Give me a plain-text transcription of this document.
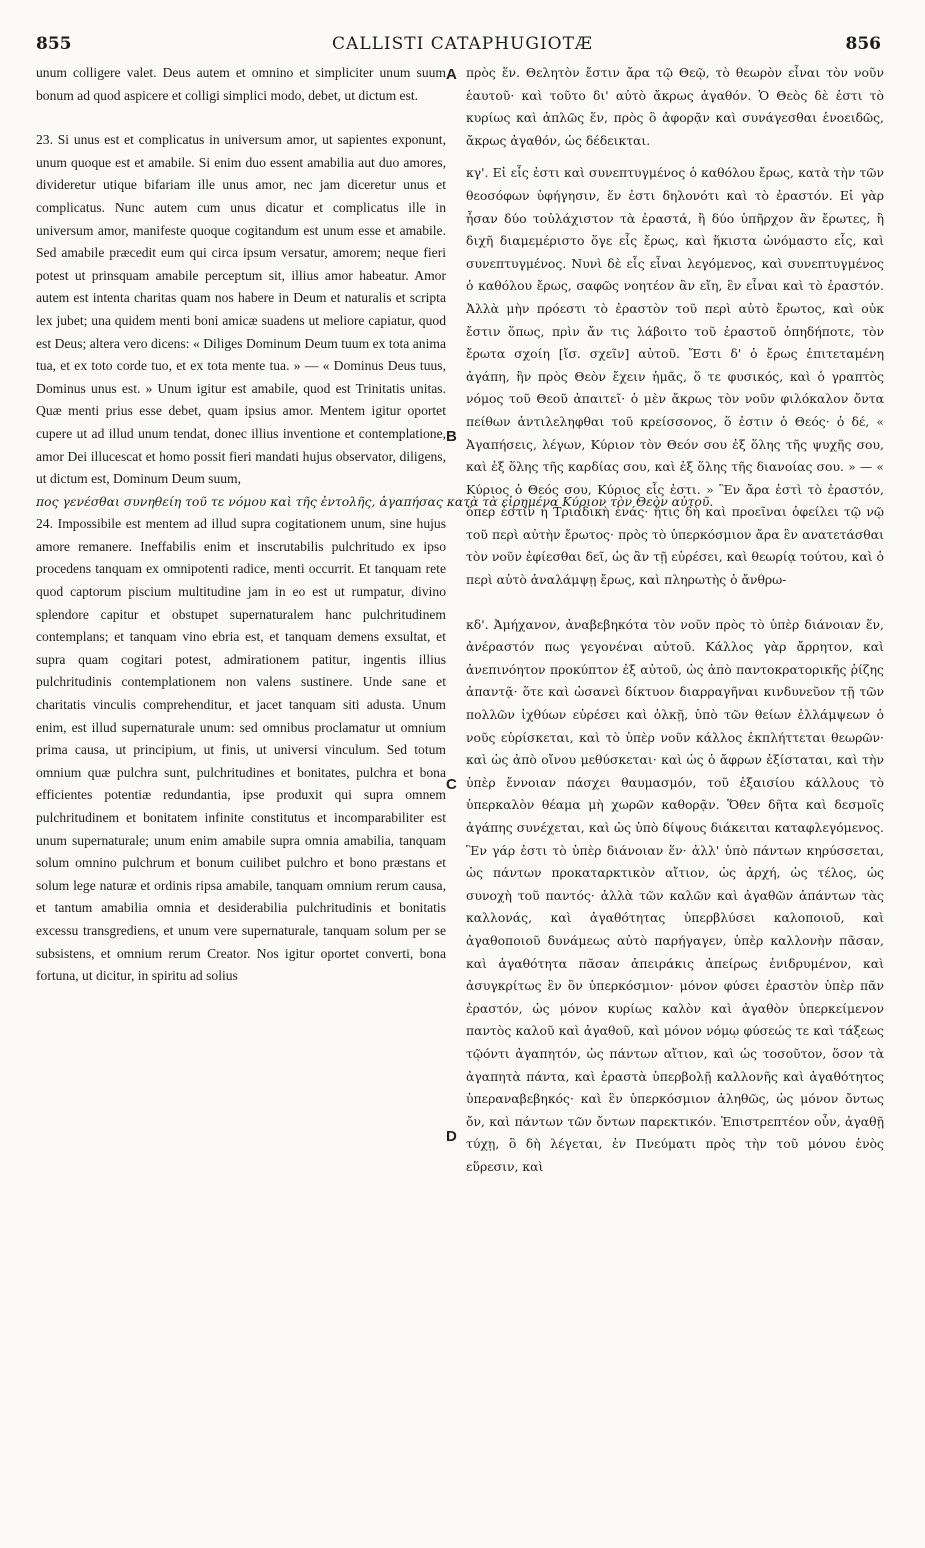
855	CALLISTI CATAPHUGIOTÆ	856

unum colligere valet. Deus autem et omnino et simpliciter unum suum bonum ad quod aspicere et colligi simplici modo, debet, ut dictum est.

23. Si unus est et complicatus in universum amor, ut sapientes exponunt, unum quoque est et amabile. Si enim duo essent amabilia aut duo amores, divideretur utique bifariam ille unus amor, nec jam diceretur unus et complicatus. Nunc autem cum unus dicatur et complicatus ille in universum amor, manifeste quoque cogitandum est unum esse et amabile. Sed amabile præcedit eum qui circa ipsum versatur, amorem; neque fieri potest ut prinsquam amabile perceptum sit, illius amor habeatur. Amor autem est intenta charitas quam nos habere in Deum et naturalis et scripta lex jubet; una quidem menti boni amicæ suadens ut meliore capiatur, quod est Deus; altera vero dicens: « Diliges Dominum Deum tuum ex tota anima tua, et ex toto corde tuo, et ex tota mente tua. » — « Dominus Deus tuus, Dominus unus est. » Unum igitur est amabile, quod est Trinitatis unitas. Quæ menti prius esse debet, quam ipsius amor. Mentem igitur oportet cupere ut ad illud unum tendat, donec illius inventione et contemplatione, amor Dei illucescat et homo possit fieri mandati hujus observator, diligens, ut dictum est, Dominum Deum suum,

πος γενέσθαι συνηθείη τοῦ τε νόμου καὶ τῆς ἐντολῆς, ἀγαπήσας κατὰ τὰ εἰρημένα Κύριον τὸν Θεὸν αὐτοῦ.

24. Impossibile est mentem ad illud supra cogitationem unum, sine hujus amore remanere. Ineffabilis enim et inscrutabilis pulchritudo ex ipso procedens tanquam ex omnipotenti radice, menti occurrit. Et tanquam rete quod captorum piscium multitudine jam in eo est ut rumpatur, divino splendore capitur et obstupet supernaturalem hanc pulchritudinem contemplans; et tanquam vino ebria est, et tanquam demens exsultat, et supra quam cogitari potest, admirationem patitur, ingentis illius pulchritudinis contemplationem non valens sustinere. Unde sane et charitatis vinculis comprehenditur, et jacet tanquam siti adusta. Unum enim, est illud supernaturale unum: sed omnibus proclamatur ut omnium prima causa, ut principium, ut finis, ut universi vinculum. Sed totum omnium quæ pulchra sunt, pulchritudines et bonitates, pulchra et bona efficientes potentiæ redundantia, ipse produxit qui supra omnem pulchritudinem et bonitatem infinite constitutus et incomparabiliter est unum supernaturale; unum enim amabile supra omnia amabilia, tanquam solum omnino pulchrum et bonum cuilibet pulchro et bono præstans et solum lege naturæ et ordinis ripsa amabile, tanquam omnium rerum causa, et tantum amabilia omnia et desiderabilia pulchritudinis et bonitatis excessu transgrediens, et unum vere supernaturale, tanquam solum per se subsistens, et omnium rerum Creator. Nos igitur oportet converti, bona fortuna, ut dicitur, in spiritu ad solius

πρὸς ἕν. Θελητὸν ἔστιν ἄρα τῷ Θεῷ, τὸ θεωρὸν εἶναι τὸν νοῦν ἑαυτοῦ· καὶ τοῦτο δι' αὐτὸ ἄκρως ἀγαθόν. Ὁ Θεὸς δὲ ἐστι τὸ κυρίως καὶ ἁπλῶς ἕν, πρὸς ὃ ἀφορᾷν καὶ συνάγεσθαι ἑνοειδῶς, ἄκρως ἀγαθόν, ὡς δέδεικται.

κγ'. Εἰ εἷς ἐστι καὶ συνεπτυγμένος ὁ καθόλου ἔρως, κατὰ τὴν τῶν θεοσόφων ὑφήγησιν, ἕν ἐστι δηλονότι καὶ τὸ ἐραστόν. Εἰ γὰρ ἦσαν δύο τοὐλάχιστον τὰ ἐραστά, ἢ δύο ὑπῆρχον ἂν ἔρωτες, ἢ διχῆ διαμεμέριστο ὅγε εἷς ἔρως, καὶ ἥκιστα ὠνόμαστο εἷς, καὶ συνεπτυγμένος. Νυνὶ δὲ εἷς εἶναι λεγόμενος, καὶ συνεπτυγμένος ὁ καθόλου ἔρως, σαφῶς νοητέον ἂν εἴη, ἓν εἶναι καὶ τὸ ἐραστόν. Ἀλλὰ μὴν πρόεστι τὸ ἐραστὸν τοῦ περὶ αὐτὸ ἔρωτος, καὶ οὐκ ἔστιν ὅπως, πρὶν ἄν τις λάβοιτο τοῦ ἐραστοῦ ὁπηδήποτε, τὸν ἔρωτα σχοίη [ἴσ. σχεῖν] αὐτοῦ. Ἔστι δ' ὁ ἔρως ἐπιτεταμένη ἀγάπη, ἣν πρὸς Θεὸν ἔχειν ἡμᾶς, ὅ τε φυσικός, καὶ ὁ γραπτὸς νόμος τοῦ Θεοῦ ἀπαιτεῖ· ὁ μὲν ἄκρως τὸν νοῦν φιλόκαλον ὄντα πείθων ἀντιλεληφθαι τοῦ κρείσσονος, ὅ ἐστιν ὁ Θεός· ὁ δέ, « Ἀγαπήσεις, λέγων, Κύριον τὸν Θεόν σου ἐξ ὅλης τῆς ψυχῆς σου, καὶ ἐξ ὅλης τῆς καρδίας σου, καὶ ἐξ ὅλης τῆς διανοίας σου. » — « Κύριος ὁ Θεός σου, Κύριος εἷς ἐστι. » Ἓν ἄρα ἐστὶ τὸ ἐραστόν, ὅπερ ἐστὶν ἡ Τριαδικὴ ἑνάς· ἥτις δὴ καὶ προεῖναι ὀφείλει τῷ νῷ τοῦ περὶ αὐτὴν ἔρωτος· πρὸς τὸ ὑπερκόσμιον ἄρα ἓν ανατετάσθαι τὸν νοῦν ἐφίεσθαι δεῖ, ὡς ἂν τῇ εὑρέσει, καὶ θεωρίᾳ τούτου, καὶ ὁ περὶ αὐτὸ ἀναλάμψῃ ἔρως, καὶ πληρωτὴς ὁ ἄνθρω-

κδ'. Ἀμήχανον, ἀναβεβηκότα τὸν νοῦν πρὸς τὸ ὑπὲρ διάνοιαν ἕν, ἀνέραστόν πως γεγονέναι αὐτοῦ. Κάλλος γὰρ ἄρρητον, καὶ ἀνεπινόητον προκύπτον ἐξ αὐτοῦ, ὡς ἀπὸ παντοκρατορικῆς ῥίζης ἀπαντᾷ· ὅτε καὶ ὡσανεὶ δίκτυον διαρραγῆναι κινδυνεῦον τῇ τῶν πολλῶν ἰχθύων εὑρέσει καὶ ὁλκῇ, ὑπὸ τῶν θείων ἐλλάμψεων ὁ νοῦς εὑρίσκεται, καὶ τὸ ὑπὲρ νοῦν κάλλος ἐκπλήττεται θεωρῶν· καὶ ὡς ἀπὸ οἴνου μεθύσκεται· καὶ ὡς ὁ ἄφρων ἐξίσταται, καὶ τὴν ὑπὲρ ἔννοιαν πάσχει θαυμασμόν, τοῦ ἐξαισίου κάλλους τὸ ὑπερκαλὸν θέαμα μὴ χωρῶν καθορᾷν. Ὅθεν δῆτα καὶ δεσμοῖς ἀγάπης συνέχεται, καὶ ὡς ὑπὸ δίψους διάκειται καταφλεγόμενος. Ἓν γάρ ἐστι τὸ ὑπὲρ διάνοιαν ἕν· ἀλλ' ὑπὸ πάντων κηρύσσεται, ὡς πάντων προκαταρκτικὸν αἴτιον, ὡς ἀρχή, ὡς τέλος, ὡς συνοχὴ τοῦ παντός· ἀλλὰ τῶν καλῶν καὶ ἀγαθῶν ἁπάντων τὰς καλλονάς, καὶ ἀγαθότητας ὑπερβλύσει καλοποιοῦ, καὶ ἀγαθοποιοῦ δυνάμεως αὐτὸ παρήγαγεν, ὑπὲρ καλλονὴν πᾶσαν, καὶ ἀγαθότητα πᾶσαν ἀπειράκις ἀπείρως ἐνιδρυμένον, καὶ ἀσυγκρίτως ἓν ὂν ὑπερκόσμιον· μόνον φύσει ἐραστὸν ὑπὲρ πᾶν ἐραστόν, ὡς μόνον κυρίως καλὸν καὶ ἀγαθὸν ὑπερκείμενον παντὸς καλοῦ καὶ ἀγαθοῦ, καὶ μόνον νόμῳ φύσεώς τε καὶ τάξεως τῷόντι ἀγαπητόν, ὡς πάντων αἴτιον, καὶ ὡς τοσοῦτον, ὅσον τὰ ἀγαπητὰ πάντα, καὶ ἐραστὰ ὑπερβολῇ καλλονῆς καὶ ἀγαθότητος ὑπεραναβεβηκός· καὶ ἓν ὑπερκόσμιον ἀληθῶς, ὡς μόνον ὄντως ὄν, καὶ πάντων τῶν ὄντων παρεκτικόν. Ἐπιστρεπτέον οὖν, ἀγαθῇ τύχῃ, ὃ δὴ λέγεται, ἐν Πνεύματι πρὸς τὴν τοῦ μόνου ἑνὸς εὕρεσιν, καὶ

A
B
C
D
